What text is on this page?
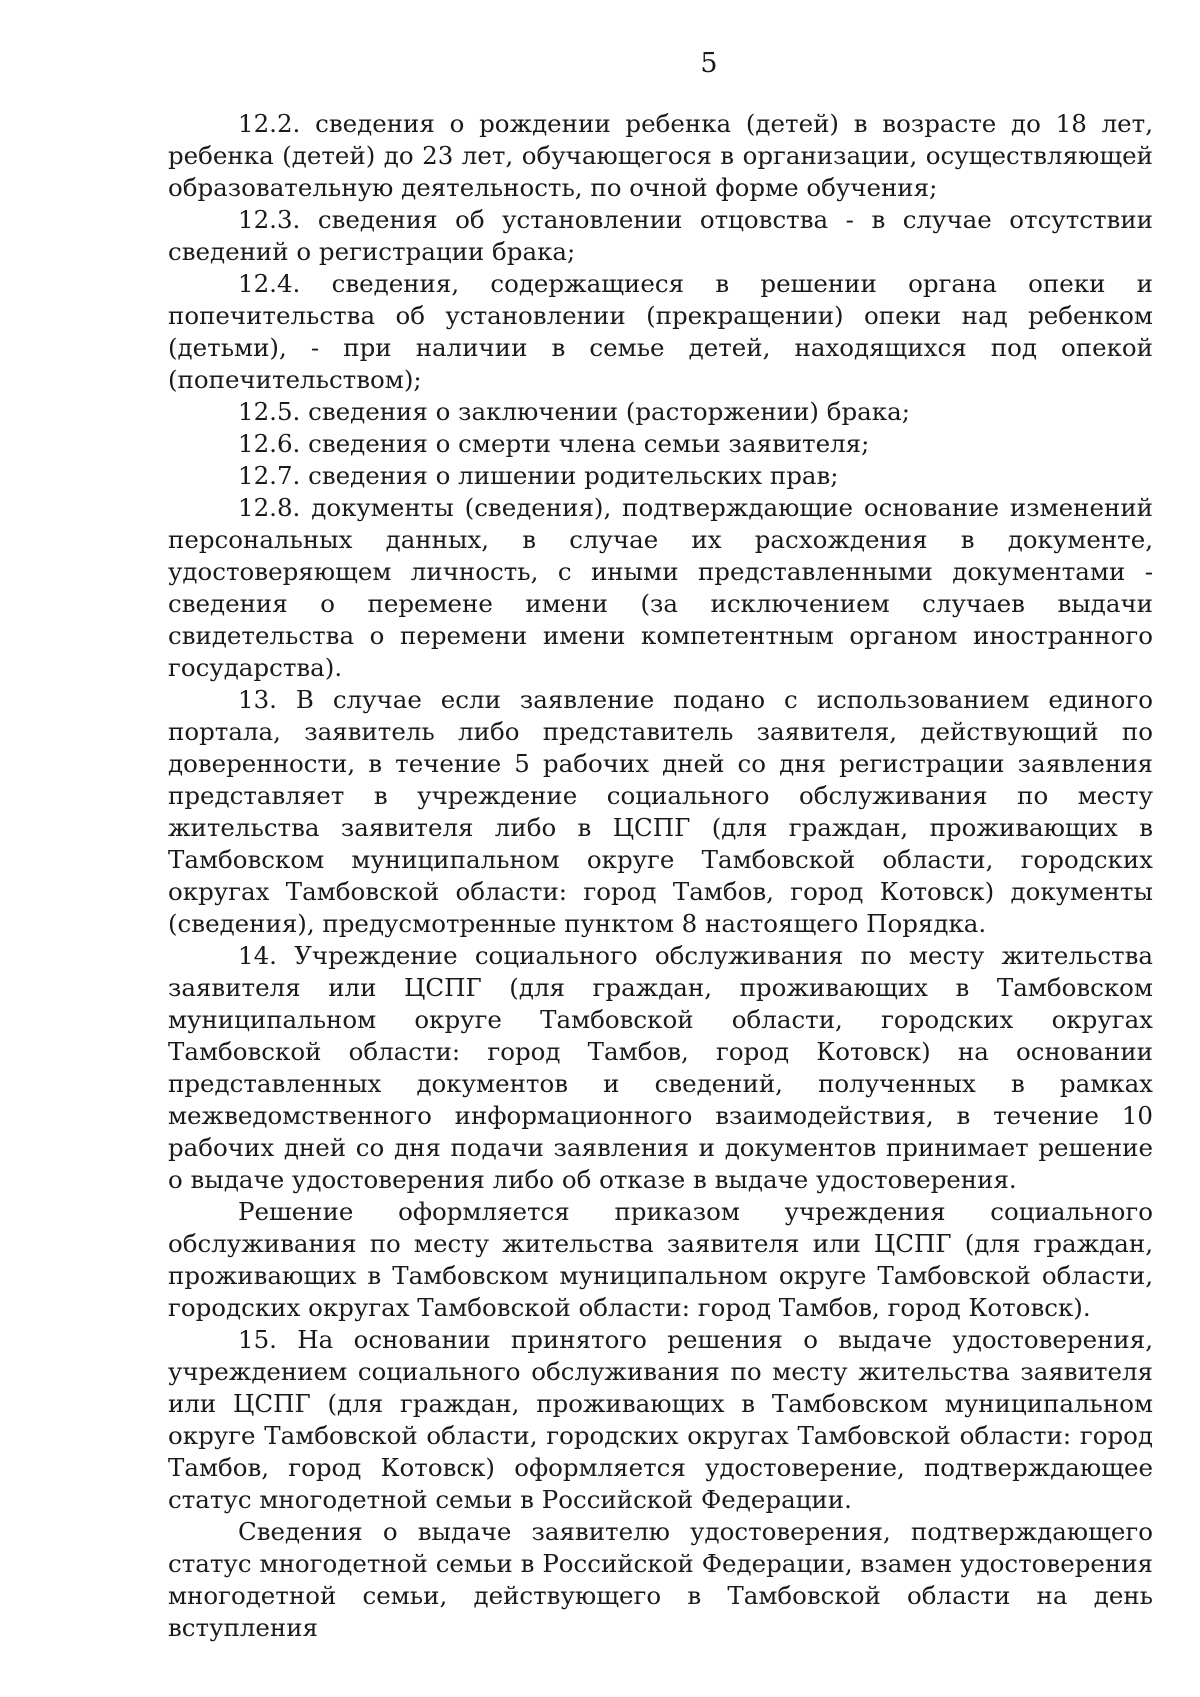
5

12.2. сведения о рождении ребенка (детей) в возрасте до 18 лет, ребенка (детей) до 23 лет, обучающегося в организации, осуществляющей образовательную деятельность, по очной форме обучения;

12.3. сведения об установлении отцовства - в случае отсутствии сведений о регистрации брака;

12.4. сведения, содержащиеся в решении органа опеки и попечительства об установлении (прекращении) опеки над ребенком (детьми), - при наличии в семье детей, находящихся под опекой (попечительством);

12.5. сведения о заключении (расторжении) брака;

12.6. сведения о смерти члена семьи заявителя;

12.7. сведения о лишении родительских прав;

12.8. документы (сведения), подтверждающие основание изменений персональных данных, в случае их расхождения в документе, удостоверяющем личность, с иными представленными документами - сведения о перемене имени (за исключением случаев выдачи свидетельства о перемени имени компетентным органом иностранного государства).

13. В случае если заявление подано с использованием единого портала, заявитель либо представитель заявителя, действующий по доверенности, в течение 5 рабочих дней со дня регистрации заявления представляет в учреждение социального обслуживания по месту жительства заявителя либо в ЦСПГ (для граждан, проживающих в Тамбовском муниципальном округе Тамбовской области, городских округах Тамбовской области: город Тамбов, город Котовск) документы (сведения), предусмотренные пунктом 8 настоящего Порядка.

14. Учреждение социального обслуживания по месту жительства заявителя или ЦСПГ (для граждан, проживающих в Тамбовском муниципальном округе Тамбовской области, городских округах Тамбовской области: город Тамбов, город Котовск) на основании представленных документов и сведений, полученных в рамках межведомственного информационного взаимодействия, в течение 10 рабочих дней со дня подачи заявления и документов принимает решение о выдаче удостоверения либо об отказе в выдаче удостоверения.

Решение оформляется приказом учреждения социального обслуживания по месту жительства заявителя или ЦСПГ (для граждан, проживающих в Тамбовском муниципальном округе Тамбовской области, городских округах Тамбовской области: город Тамбов, город Котовск).

15. На основании принятого решения о выдаче удостоверения, учреждением социального обслуживания по месту жительства заявителя или ЦСПГ (для граждан, проживающих в Тамбовском муниципальном округе Тамбовской области, городских округах Тамбовской области: город Тамбов, город Котовск) оформляется удостоверение, подтверждающее статус многодетной семьи в Российской Федерации.

Сведения о выдаче заявителю удостоверения, подтверждающего статус многодетной семьи в Российской Федерации, взамен удостоверения многодетной семьи, действующего в Тамбовской области на день вступления
